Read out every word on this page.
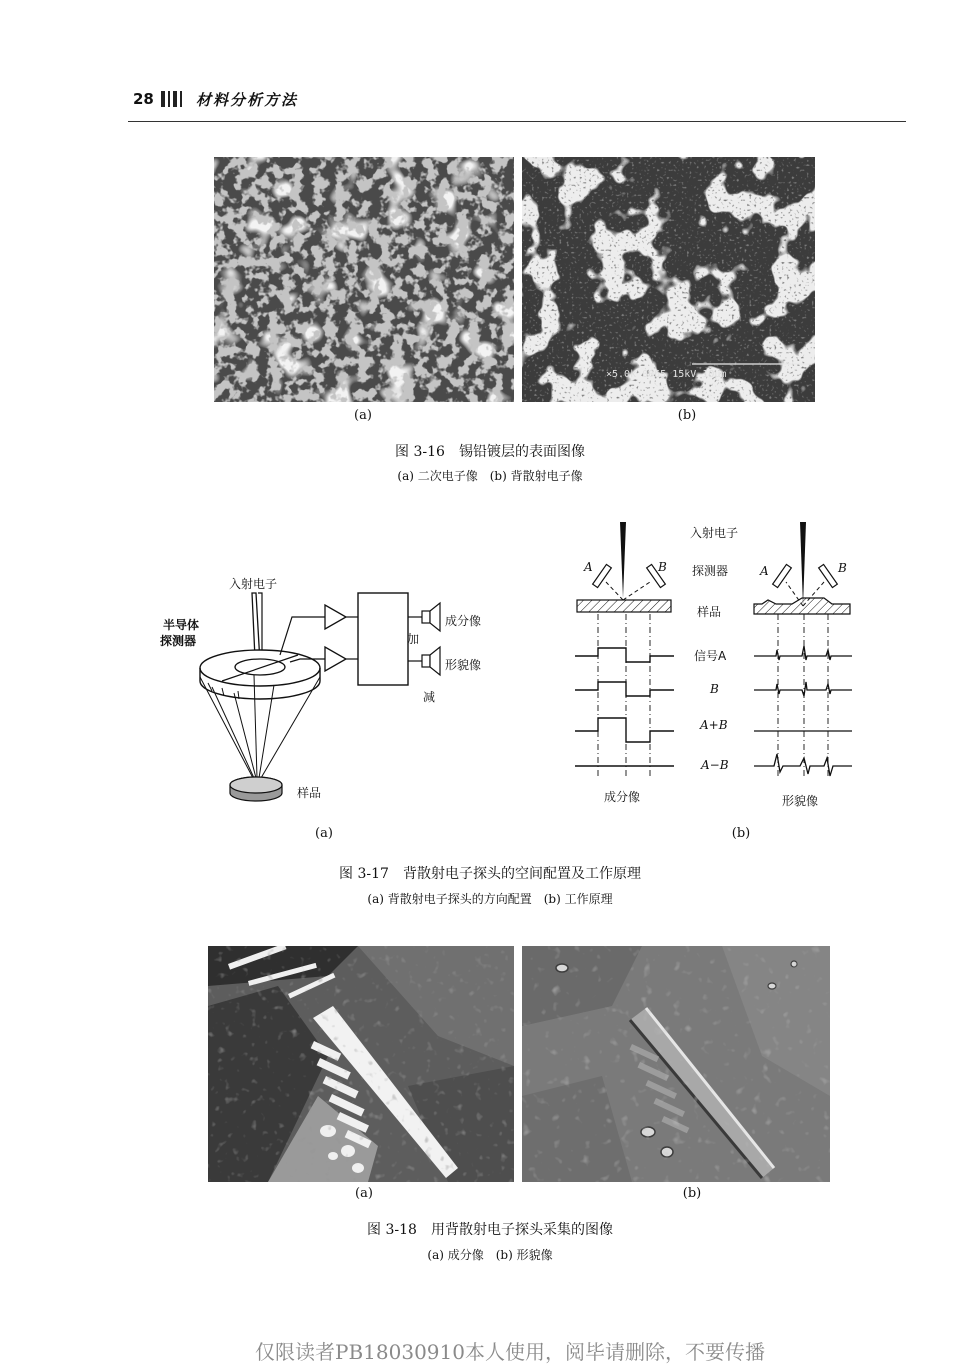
28	材料分析方法
×5.0k 0065 15kV 10μm
(a)	(b)
图 3-16　锡铅镀层的表面图像
(a) 二次电子像　(b) 背散射电子像
入射电子
半导体
探测器	加
减
成分像
形貌像
样品
入射电子
探测器
样品
信号A
B
A+B
A−B
A	B	A	B
成分像	形貌像
(a)	(b)
图 3-17　背散射电子探头的空间配置及工作原理
(a) 背散射电子探头的方向配置　(b) 工作原理
(a)	(b)
图 3-18　用背散射电子探头采集的图像
(a) 成分像　(b) 形貌像
仅限读者PB18030910本人使用，阅毕请删除，不要传播
